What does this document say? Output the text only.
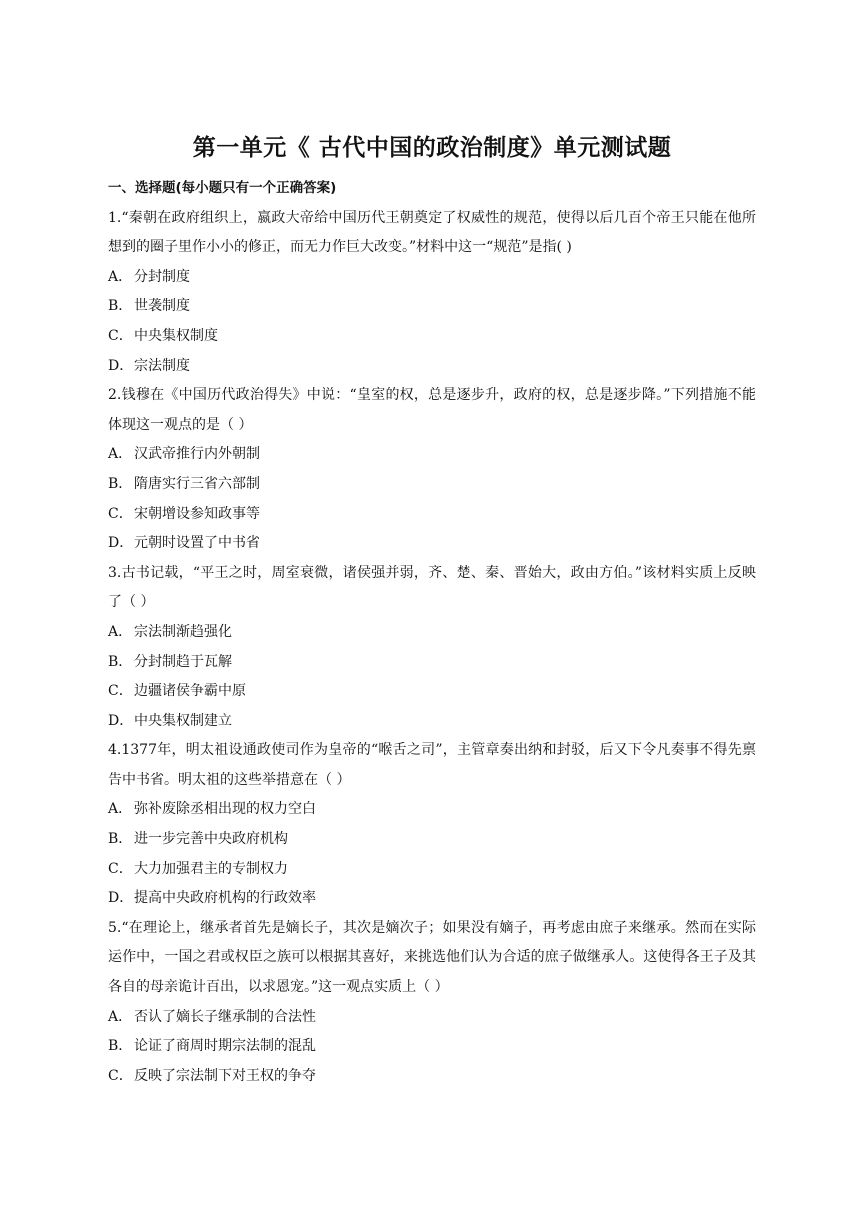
第一单元《 古代中国的政治制度》单元测试题

一、选择题(每小题只有一个正确答案)

1.“秦朝在政府组织上，嬴政大帝给中国历代王朝奠定了权威性的规范，使得以后几百个帝王只能在他所想到的圈子里作小小的修正，而无力作巨大改变。”材料中这一“规范”是指( )

A． 分封制度

B． 世袭制度

C．中央集权制度

D．宗法制度

2.钱穆在《中国历代政治得失》中说：“皇室的权，总是逐步升，政府的权，总是逐步降。”下列措施不能体现这一观点的是（ ）

A． 汉武帝推行内外朝制

B． 隋唐实行三省六部制

C．宋朝增设参知政事等

D．元朝时设置了中书省

3.古书记载，“平王之时，周室衰微，诸侯强并弱，齐、楚、秦、晋始大，政由方伯。”该材料实质上反映了（ ）

A． 宗法制渐趋强化

B． 分封制趋于瓦解

C．边疆诸侯争霸中原

D．中央集权制建立

4.1377年，明太祖设通政使司作为皇帝的“喉舌之司”，主管章奏出纳和封驳，后又下令凡奏事不得先禀告中书省。明太祖的这些举措意在（ ）

A． 弥补废除丞相出现的权力空白

B． 进一步完善中央政府机构

C．大力加强君主的专制权力

D．提高中央政府机构的行政效率

5.“在理论上，继承者首先是嫡长子，其次是嫡次子；如果没有嫡子，再考虑由庶子来继承。然而在实际运作中，一国之君或权臣之族可以根据其喜好，来挑选他们认为合适的庶子做继承人。这使得各王子及其各自的母亲诡计百出，以求恩宠。”这一观点实质上（ ）

A． 否认了嫡长子继承制的合法性

B． 论证了商周时期宗法制的混乱

C．反映了宗法制下对王权的争夺
